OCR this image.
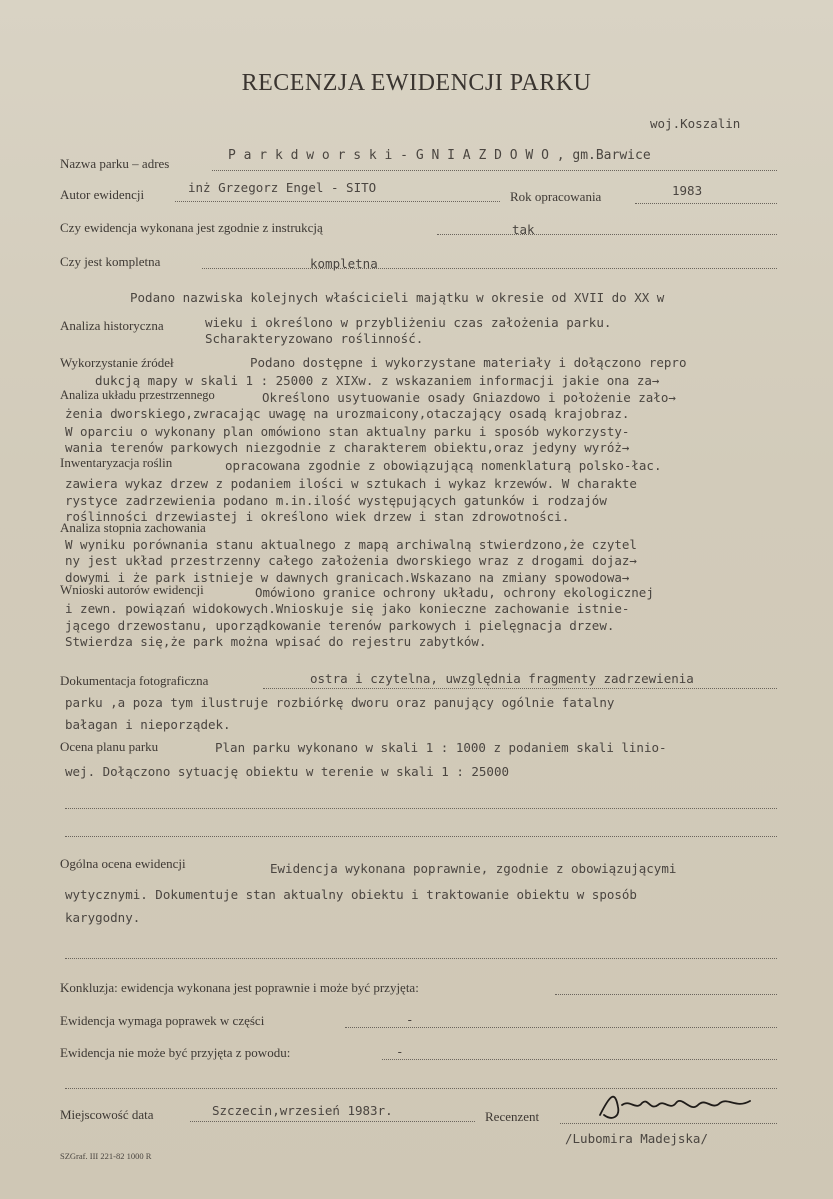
RECENZJA EWIDENCJI PARKU
woj.Koszalin
Nazwa parku – adres
P a r k d w o r s k i - G N I A Z D O W O , gm.Barwice
Autor ewidencji	inż Grzegorz Engel - SITO
Rok opracowania	1983
Czy ewidencja wykonana jest zgodnie z instrukcją	tak
Czy jest kompletna	kompletna
Podano nazwiska kolejnych właścicieli majątku w okresie od XVII do XX w
Analiza historyczna	wieku i określono w przybliżeniu czas założenia parku.
Scharakteryzowano roślinność.
Wykorzystanie źródeł	Podano dostępne i wykorzystane materiały i dołączono repro
dukcją mapy w skali 1 : 25000 z XIXw. z wskazaniem informacji jakie ona za→
Analiza układu przestrzennego	Określono usytuowanie osady Gniazdowo i położenie zało→
żenia dworskiego,zwracając uwagę na urozmaicony,otaczający osadą krajobraz.
W oparciu o wykonany plan omówiono stan aktualny parku i sposób wykorzysty-
wania terenów parkowych niezgodnie z charakterem obiektu,oraz jedyny wyróż→
Inwentaryzacja roślin	opracowana zgodnie z obowiązującą nomenklaturą polsko-łac.
zawiera wykaz drzew z podaniem ilości w sztukach i wykaz krzewów. W charakte
rystyce zadrzewienia podano m.in.ilość występujących gatunków i rodzajów
roślinności drzewiastej i określono wiek drzew i stan zdrowotności.
Analiza stopnia zachowania
W wyniku porównania stanu aktualnego z mapą archiwalną stwierdzono,że czytel
ny jest układ przestrzenny całego założenia dworskiego wraz z drogami dojaz→
dowymi i że park istnieje w dawnych granicach.Wskazano na zmiany spowodowa→
Wnioski autorów ewidencji	Omówiono granice ochrony układu, ochrony ekologicznej
i zewn. powiązań widokowych.Wnioskuje się jako konieczne zachowanie istnie-
jącego drzewostanu, uporządkowanie terenów parkowych i pielęgnacja drzew.
Stwierdza się,że park można wpisać do rejestru zabytków.
Dokumentacja fotograficzna	ostra i czytelna, uwzględnia fragmenty zadrzewienia
parku ,a poza tym ilustruje rozbiórkę dworu oraz panujący ogólnie fatalny
bałagan i nieporządek.
Ocena planu parku	Plan parku wykonano w skali 1 : 1000 z podaniem skali linio-
wej. Dołączono sytuację obiektu w terenie w skali 1 : 25000
Ogólna ocena ewidencji	Ewidencja wykonana poprawnie, zgodnie z obowiązującymi
wytycznymi. Dokumentuje stan aktualny obiektu i traktowanie obiektu w sposób
karygodny.
Konkluzja: ewidencja wykonana jest poprawnie i może być przyjęta:
Ewidencja wymaga poprawek w części	-
Ewidencja nie może być przyjęta z powodu:	-
Miejscowość data	Szczecin,wrzesień 1983r.	Recenzent
/Lubomira Madejska/
SZGraf. III 221-82 1000 R
